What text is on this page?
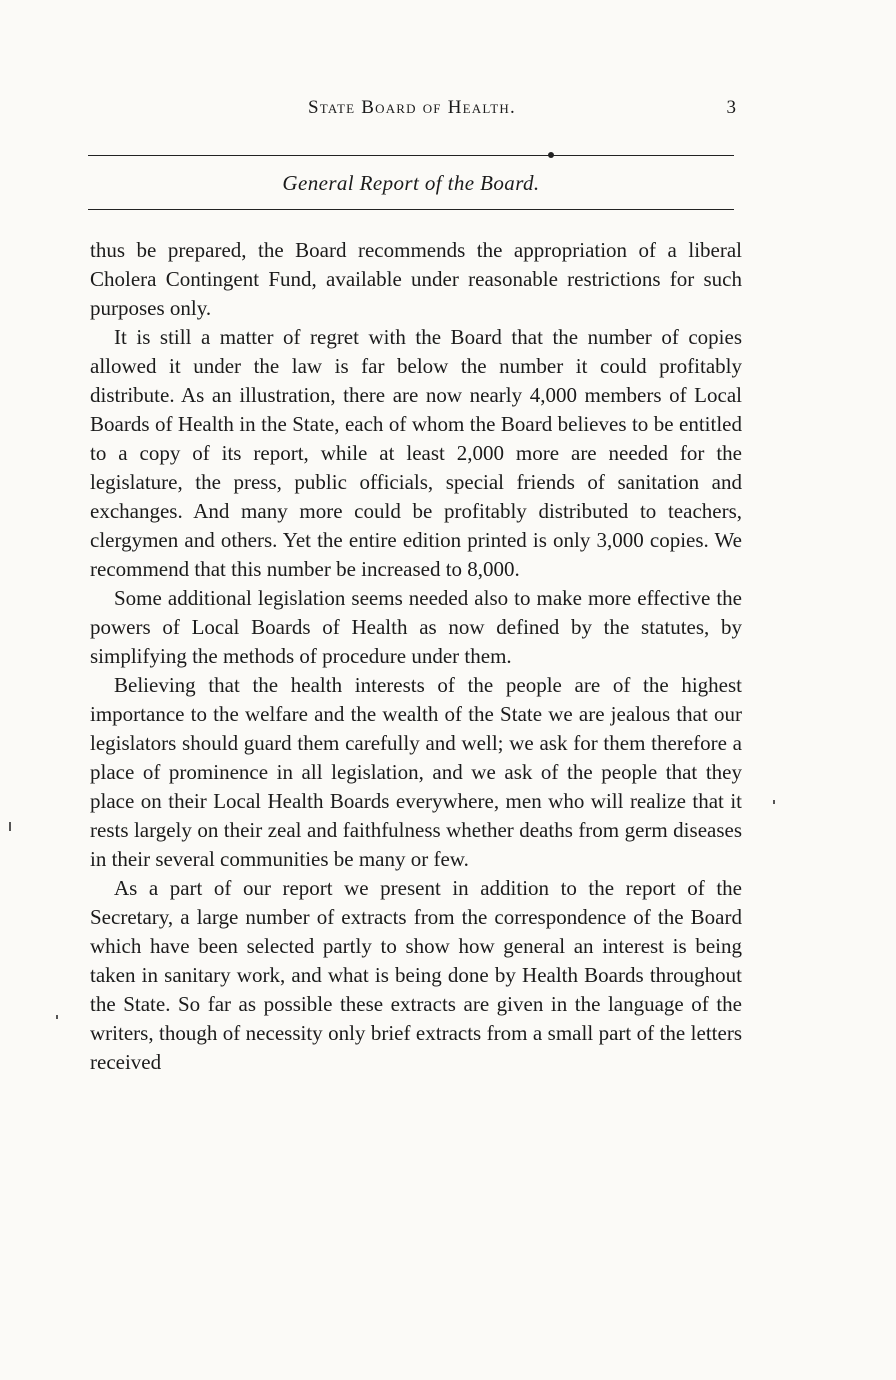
State Board of Health.	3
General Report of the Board.

thus be prepared, the Board recommends the appropriation of a liberal Cholera Contingent Fund, available under reasonable restrictions for such purposes only.

It is still a matter of regret with the Board that the number of copies allowed it under the law is far below the number it could profitably distribute. As an illustration, there are now nearly 4,000 members of Local Boards of Health in the State, each of whom the Board believes to be entitled to a copy of its report, while at least 2,000 more are needed for the legislature, the press, public officials, special friends of sanitation and exchanges. And many more could be profitably distributed to teachers, clergymen and others. Yet the entire edition printed is only 3,000 copies. We recommend that this number be increased to 8,000.

Some additional legislation seems needed also to make more effective the powers of Local Boards of Health as now defined by the statutes, by simplifying the methods of procedure under them.

Believing that the health interests of the people are of the highest importance to the welfare and the wealth of the State we are jealous that our legislators should guard them carefully and well; we ask for them therefore a place of prominence in all legislation, and we ask of the people that they place on their Local Health Boards everywhere, men who will realize that it rests largely on their zeal and faithfulness whether deaths from germ diseases in their several communities be many or few.

As a part of our report we present in addition to the report of the Secretary, a large number of extracts from the correspondence of the Board which have been selected partly to show how general an interest is being taken in sanitary work, and what is being done by Health Boards throughout the State. So far as possible these extracts are given in the language of the writers, though of necessity only brief extracts from a small part of the letters received
